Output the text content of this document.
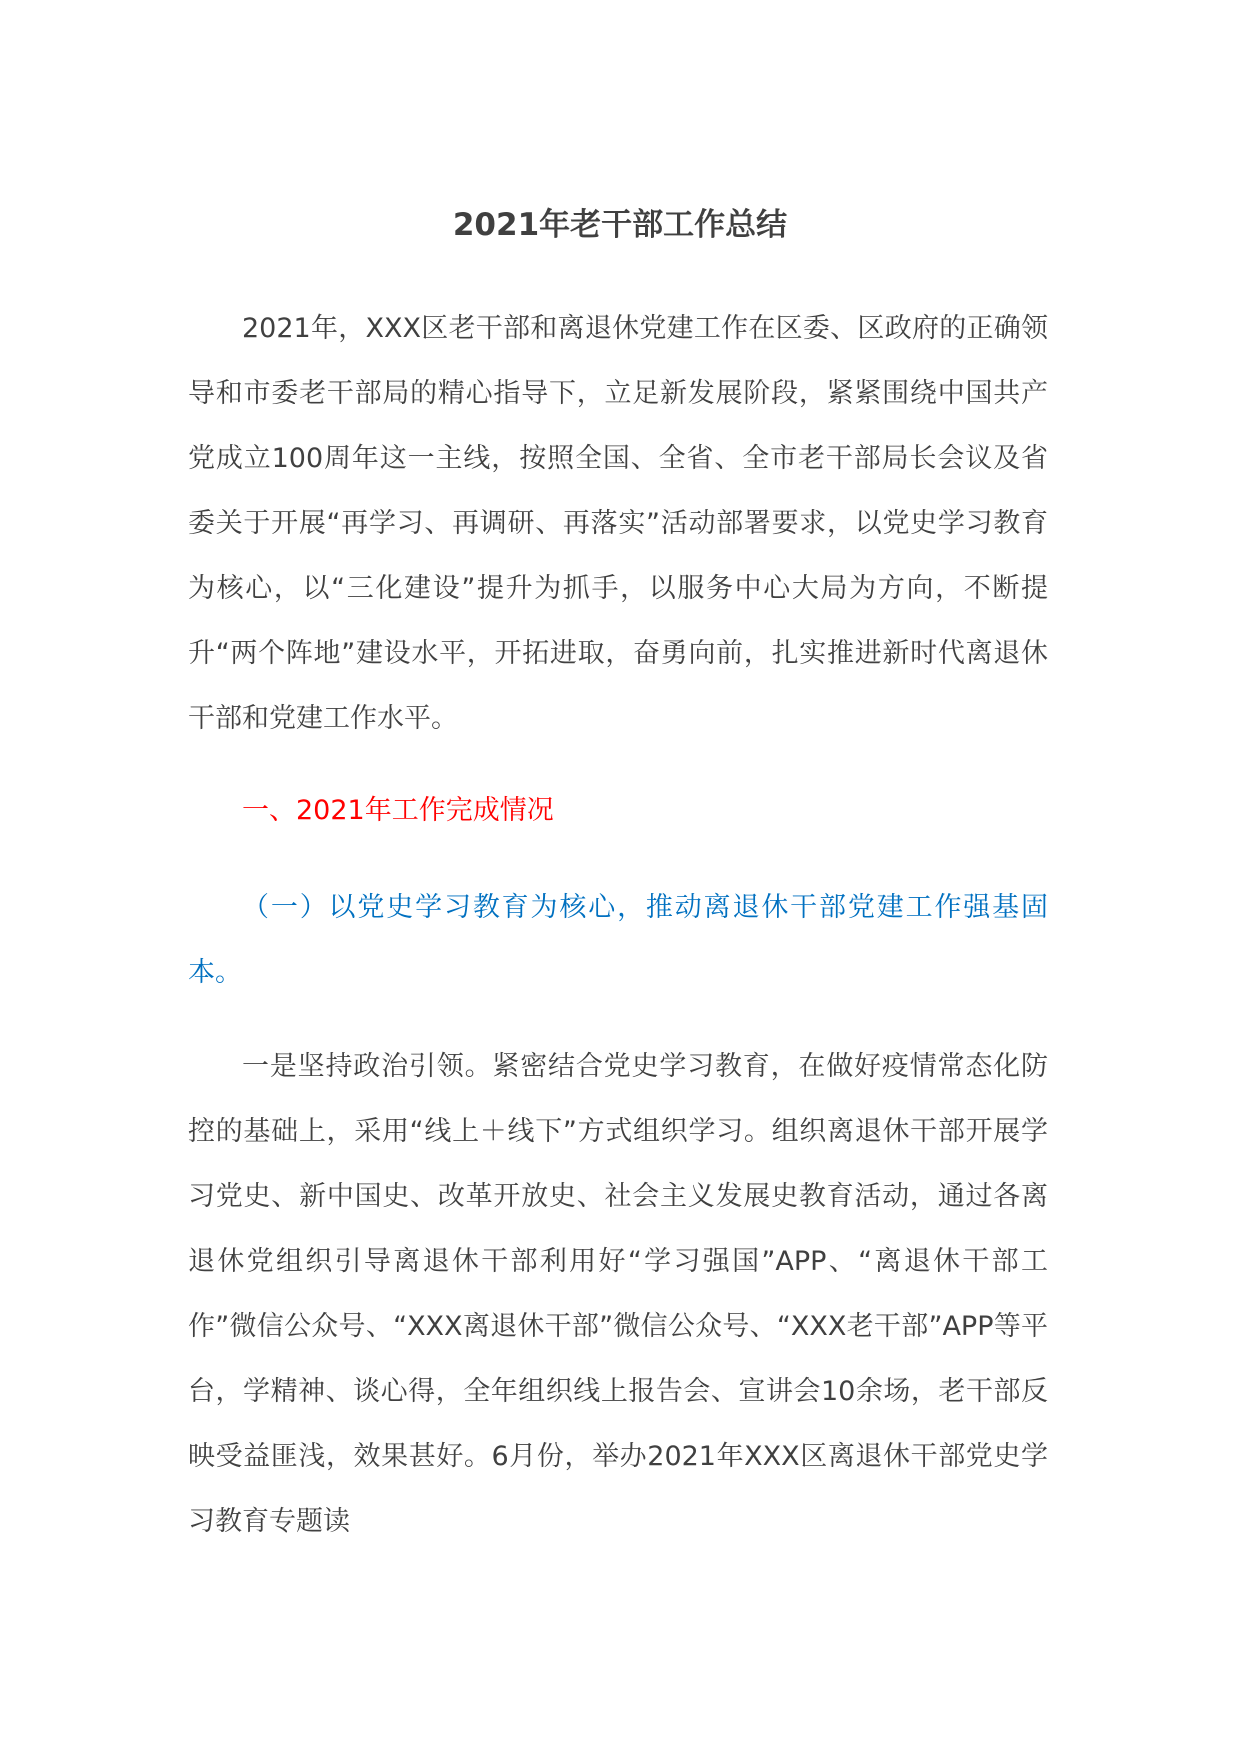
2021年老干部工作总结

2021年，XXX区老干部和离退休党建工作在区委、区政府的正确领导和市委老干部局的精心指导下，立足新发展阶段，紧紧围绕中国共产党成立100周年这一主线，按照全国、全省、全市老干部局长会议及省委关于开展“再学习、再调研、再落实”活动部署要求，以党史学习教育为核心，以“三化建设”提升为抓手，以服务中心大局为方向，不断提升“两个阵地”建设水平，开拓进取，奋勇向前，扎实推进新时代离退休干部和党建工作水平。

一、2021年工作完成情况

（一）以党史学习教育为核心，推动离退休干部党建工作强基固本。

一是坚持政治引领。紧密结合党史学习教育，在做好疫情常态化防控的基础上，采用“线上＋线下”方式组织学习。组织离退休干部开展学习党史、新中国史、改革开放史、社会主义发展史教育活动，通过各离退休党组织引导离退休干部利用好“学习强国”APP、“离退休干部工作”微信公众号、“XXX离退休干部”微信公众号、“XXX老干部”APP等平台，学精神、谈心得，全年组织线上报告会、宣讲会10余场，老干部反映受益匪浅，效果甚好。6月份，举办2021年XXX区离退休干部党史学习教育专题读
